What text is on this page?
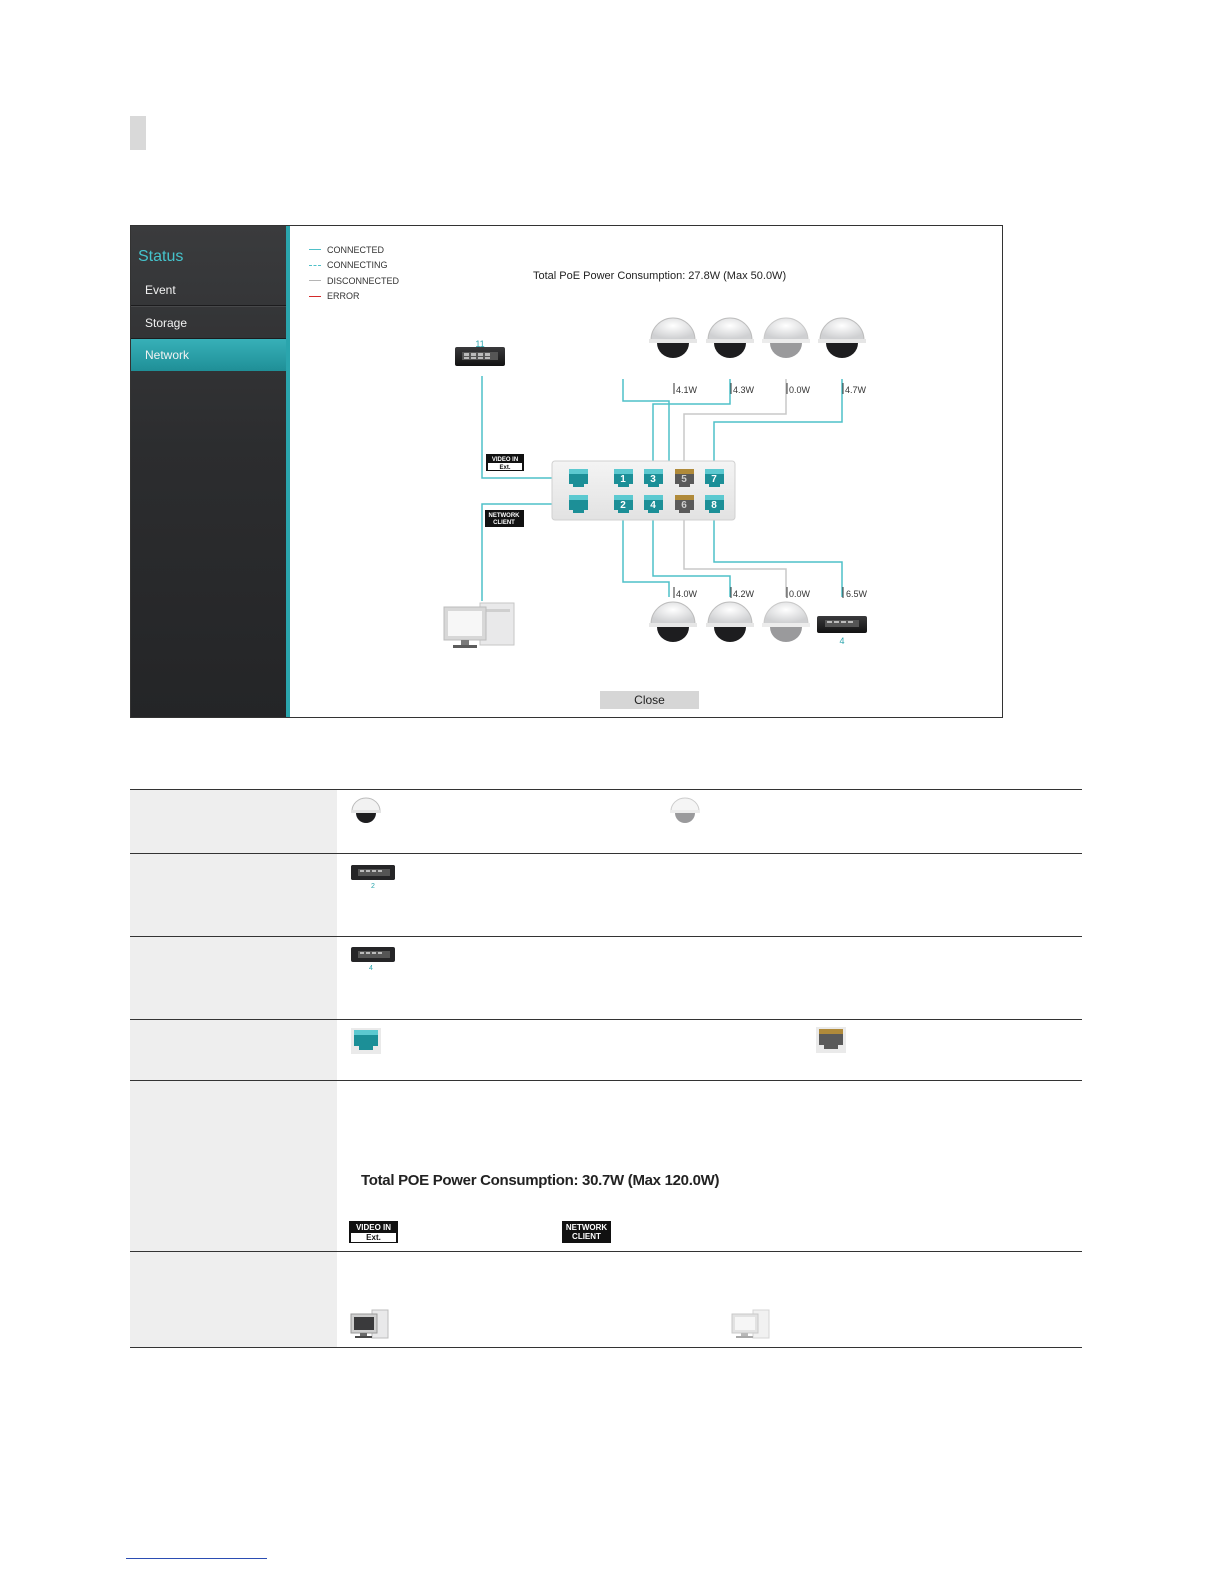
Status
Event
Storage
Network
CONNECTED
CONNECTING
DISCONNECTED
ERROR
Total PoE Power Consumption: 27.8W (Max 50.0W)
11
4.1W	4.3W	0.0W	4.7W
VIDEO IN
Ext.
NETWORK
CLIENT
1 3	5 7
2 4	6 8
4.0W	4.2W	0.0W	6.5W
4
Close
2
4
Total POE Power Consumption: 30.7W (Max 120.0W)
VIDEO IN
Ext.
NETWORK
CLIENT
